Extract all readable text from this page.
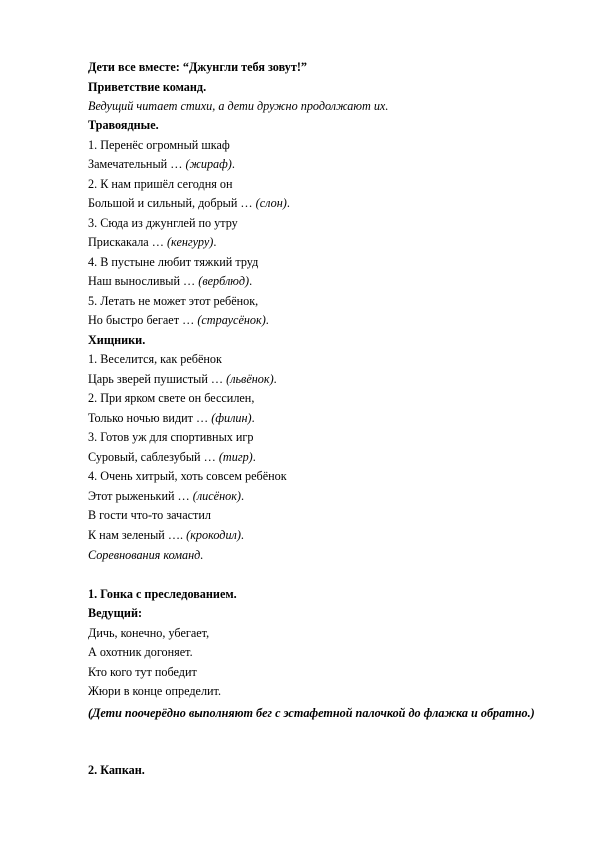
Дети все вместе: “Джунгли тебя зовут!”
Приветствие команд.
Ведущий читает стихи, а дети дружно продолжают их.
Травоядные.
1. Перенёс огромный шкаф
Замечательный … (жираф).
2. К нам пришёл сегодня он
Большой и сильный, добрый … (слон).
3. Сюда из джунглей по утру
Прискакала … (кенгуру).
4. В пустыне любит тяжкий труд
Наш выносливый … (верблюд).
5. Летать не может этот ребёнок,
Но быстро бегает … (страусёнок).
Хищники.
1. Веселится, как ребёнок
Царь зверей пушистый … (львёнок).
2. При ярком свете он бессилен,
Только ночью видит … (филин).
3. Готов уж для спортивных игр
Суровый, саблезубый … (тигр).
4. Очень хитрый, хоть совсем ребёнок
Этот рыженький … (лисёнок).
В гости что-то зачастил
К нам зеленый …. (крокодил).
Соревнования команд.
1. Гонка с преследованием.
Ведущий:
Дичь, конечно, убегает,
А охотник догоняет.
Кто кого тут победит
Жюри в конце определит.
(Дети поочерёдно выполняют бег с эстафетной палочкой до флажка и обратно.)
2. Капкан.
